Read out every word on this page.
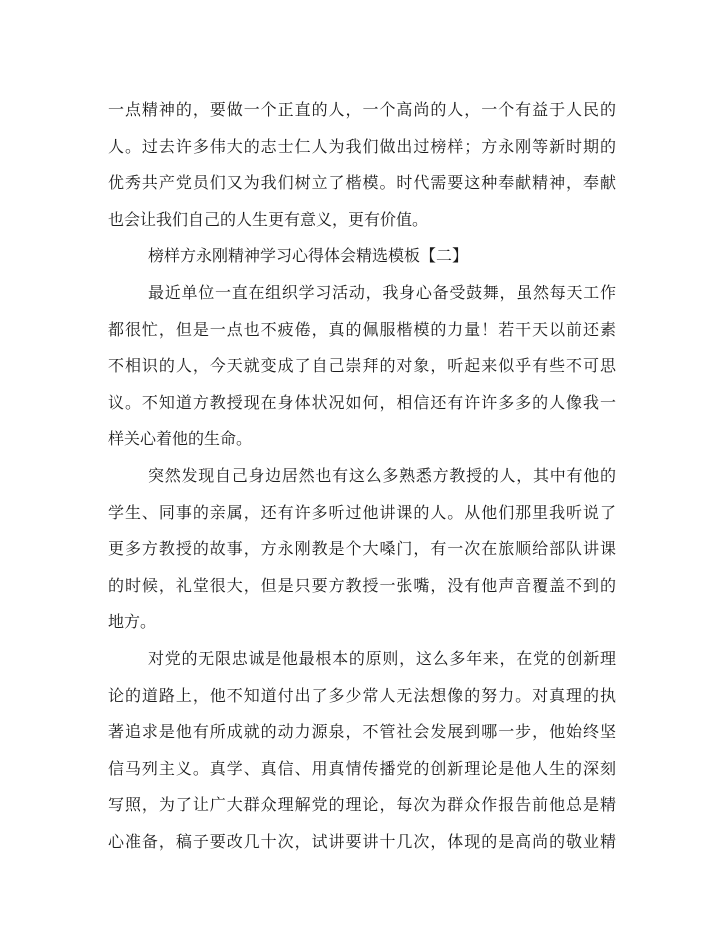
一点精神的，要做一个正直的人，一个高尚的人，一个有益于人民的
人。过去许多伟大的志士仁人为我们做出过榜样；方永刚等新时期的
优秀共产党员们又为我们树立了楷模。时代需要这种奉献精神，奉献
也会让我们自己的人生更有意义，更有价值。
榜样方永刚精神学习心得体会精选模板【二】
最近单位一直在组织学习活动，我身心备受鼓舞，虽然每天工作
都很忙，但是一点也不疲倦，真的佩服楷模的力量！若干天以前还素
不相识的人，今天就变成了自己崇拜的对象，听起来似乎有些不可思
议。不知道方教授现在身体状况如何，相信还有许许多多的人像我一
样关心着他的生命。
突然发现自己身边居然也有这么多熟悉方教授的人，其中有他的
学生、同事的亲属，还有许多听过他讲课的人。从他们那里我听说了
更多方教授的故事，方永刚教是个大嗓门，有一次在旅顺给部队讲课
的时候，礼堂很大，但是只要方教授一张嘴，没有他声音覆盖不到的
地方。
对党的无限忠诚是他最根本的原则，这么多年来，在党的创新理
论的道路上，他不知道付出了多少常人无法想像的努力。对真理的执
著追求是他有所成就的动力源泉，不管社会发展到哪一步，他始终坚
信马列主义。真学、真信、用真情传播党的创新理论是他人生的深刻
写照，为了让广大群众理解党的理论，每次为群众作报告前他总是精
心准备，稿子要改几十次，试讲要讲十几次，体现的是高尚的敬业精
